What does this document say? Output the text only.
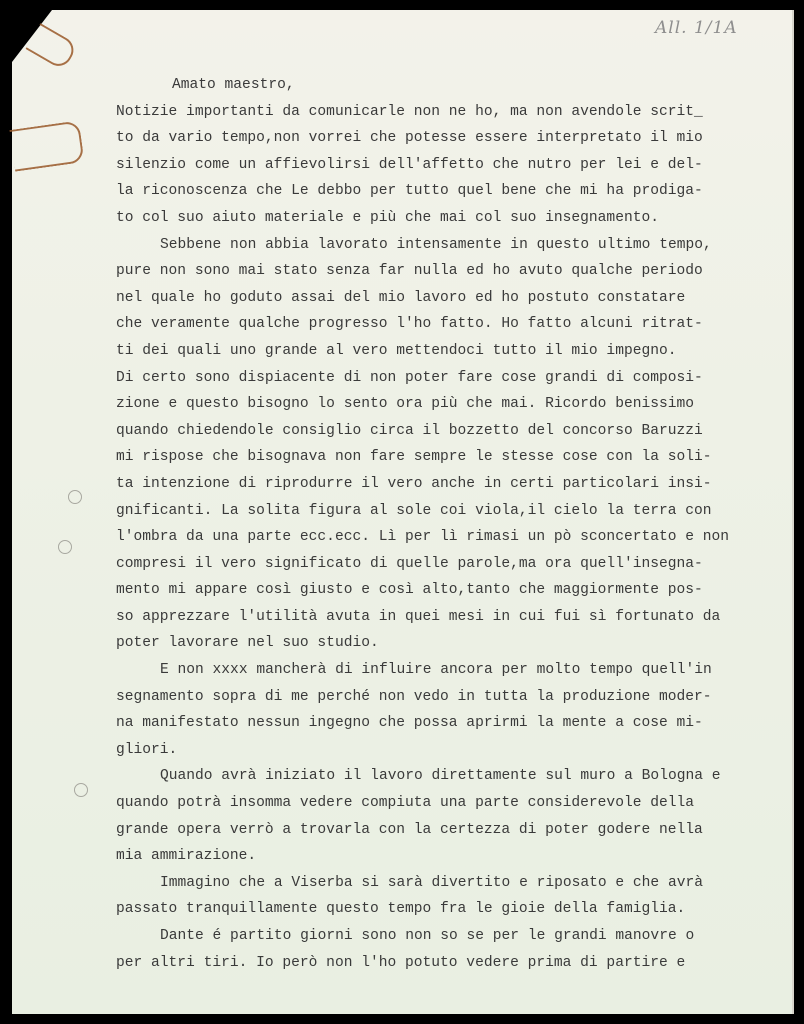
All. 1/1A
Amato maestro,
Notizie importanti da comunicarle non ne ho, ma non avendole scrit_
to da vario tempo,non vorrei che potesse essere interpretato il mio
silenzio come un affievolirsi dell'affetto che nutro per lei e del-
la riconoscenza che Le debbo per tutto quel bene che mi ha prodiga-
to col suo aiuto materiale e più che mai col suo insegnamento.
Sebbene non abbia lavorato intensamente in questo ultimo tempo,
pure non sono mai stato senza far nulla ed ho avuto qualche periodo
nel quale ho goduto assai del mio lavoro ed ho postuto constatare
che veramente qualche progresso l'ho fatto. Ho fatto alcuni ritrat-
ti dei quali uno grande al vero mettendoci tutto il mio impegno.
Di certo sono dispiacente di non poter fare cose grandi di composi-
zione e questo bisogno lo sento ora più che mai. Ricordo benissimo
quando chiedendole consiglio circa il bozzetto del concorso Baruzzi
mi rispose che bisognava non fare sempre le stesse cose con la soli-
ta intenzione di riprodurre il vero anche in certi particolari insi-
gnificanti. La solita figura al sole coi viola,il cielo la terra con
l'ombra da una parte ecc.ecc. Lì per lì rimasi un pò sconcertato e non
compresi il vero significato di quelle parole,ma ora quell'insegna-
mento mi appare così giusto e così alto,tanto che maggiormente pos-
so apprezzare l'utilità avuta in quei mesi in cui fui sì fortunato da
poter lavorare nel suo studio.
E non xxxx mancherà di influire ancora per molto tempo quell'in
segnamento sopra di me perché non vedo in tutta la produzione moder-
na manifestato nessun ingegno che possa aprirmi la mente a cose mi-
gliori.
Quando avrà iniziato il lavoro direttamente sul muro a Bologna e
quando potrà insomma vedere compiuta una parte considerevole della
grande opera verrò a trovarla con la certezza di poter godere nella
mia ammirazione.
Immagino che a Viserba si sarà divertito e riposato e che avrà
passato tranquillamente questo tempo fra le gioie della famiglia.
Dante é partito giorni sono non so se per le grandi manovre o
per altri tiri. Io però non l'ho potuto vedere prima di partire e
